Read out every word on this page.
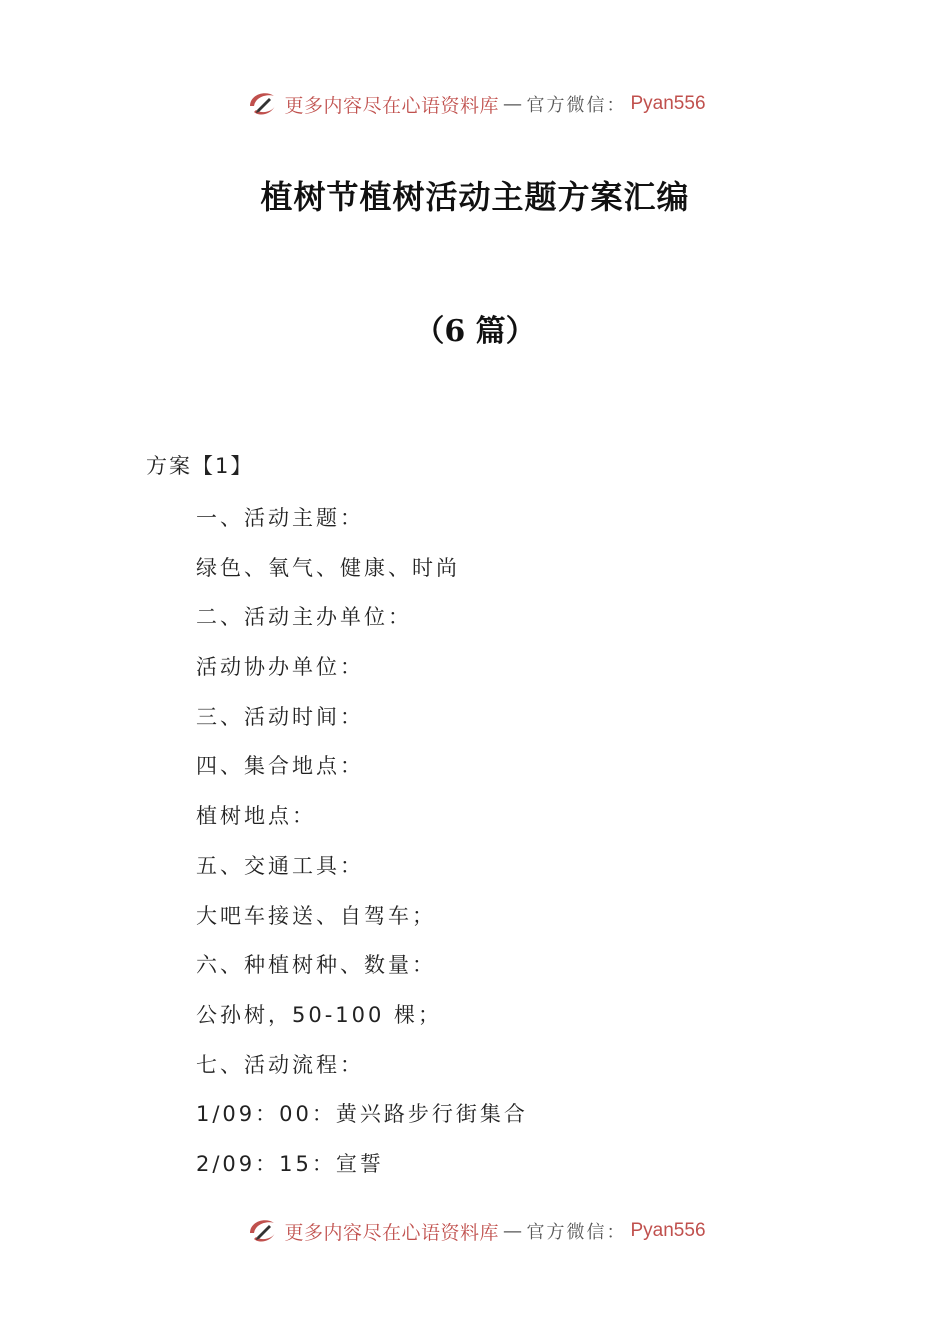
更多内容尽在心语资料库 — 官方微信： Pyan556
植树节植树活动主题方案汇编
（6 篇）
方案【1】
一、活动主题：
绿色、氧气、健康、时尚
二、活动主办单位：
活动协办单位：
三、活动时间：
四、集合地点：
植树地点：
五、交通工具：
大吧车接送、自驾车；
六、种植树种、数量：
公孙树，50-100 棵；
七、活动流程：
1/09：00：黄兴路步行街集合
2/09：15：宣誓
更多内容尽在心语资料库 — 官方微信： Pyan556
